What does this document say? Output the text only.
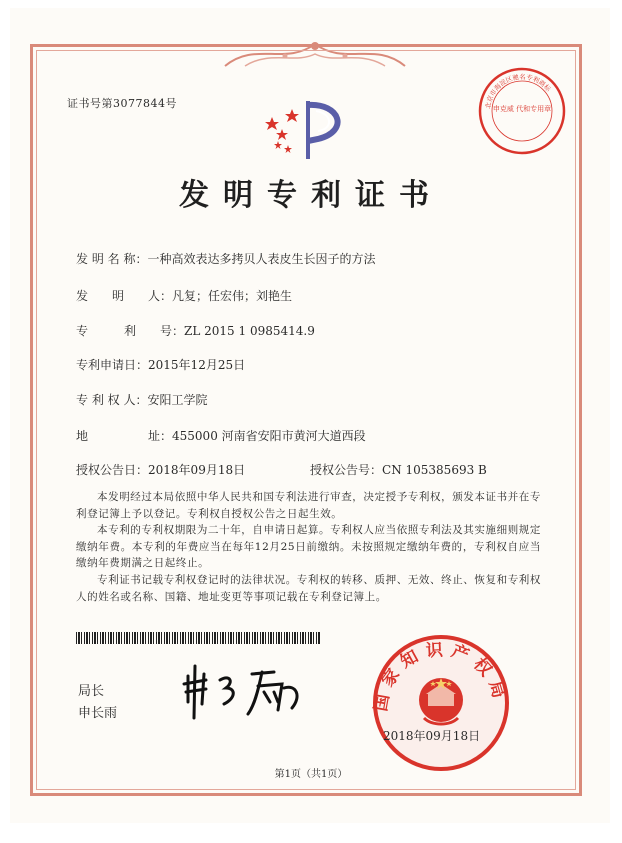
证书号第3077844号	北京市海淀区驰名专利商标
申克威 代和专用章
发明专利证书
发 明 名 称：一种高效表达多拷贝人表皮生长因子的方法
发　　明　　人：凡复；任宏伟；刘艳生
专　　　利　　号：ZL 2015 1 0985414.9
专利申请日：2015年12月25日
专 利 权 人：安阳工学院
地　　　　　址：455000 河南省安阳市黄河大道西段
授权公告日：2018年09月18日	授权公告号：CN 105385693 B
本发明经过本局依照中华人民共和国专利法进行审查，决定授予专利权，颁发本证书并在专利登记簿上予以登记。专利权自授权公告之日起生效。
本专利的专利权期限为二十年，自申请日起算。专利权人应当依照专利法及其实施细则规定缴纳年费。本专利的年费应当在每年12月25日前缴纳。未按照规定缴纳年费的，专利权自应当缴纳年费期满之日起终止。
专利证书记载专利权登记时的法律状况。专利权的转移、质押、无效、终止、恢复和专利权人的姓名或名称、国籍、地址变更等事项记载在专利登记簿上。
国家知识产权局
局长
申长雨
2018年09月18日
第1页（共1页）
